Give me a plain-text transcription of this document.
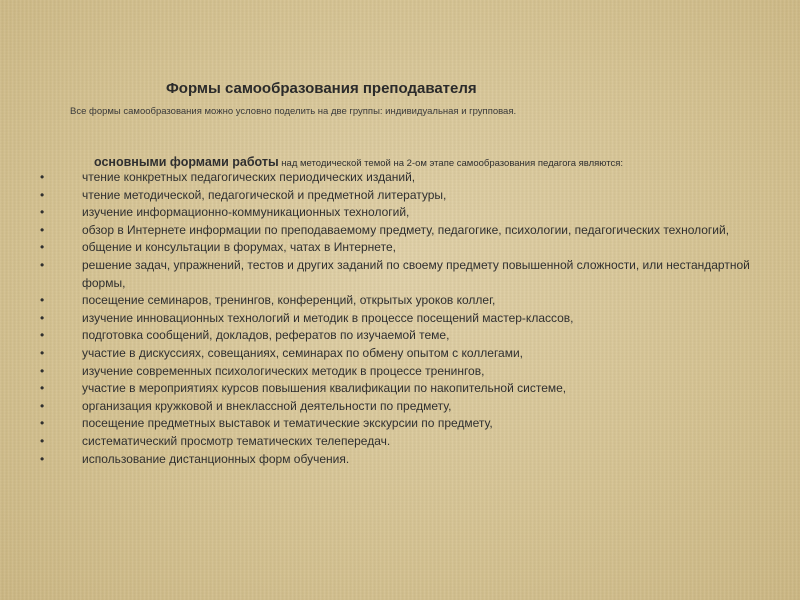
Формы самообразования преподавателя
Все формы самообразования можно условно поделить на две группы: индивидуальная и групповая.
основными формами работы над методической темой на 2-ом этапе самообразования педагога являются:
•	чтение конкретных педагогических периодических изданий,
•	чтение методической, педагогической и предметной литературы,
•	изучение информационно-коммуникационных технологий,
•	обзор в Интернете информации по преподаваемому предмету, педагогике, психологии, педагогических технологий,
•	общение и консультации в форумах, чатах в Интернете,
•	решение задач, упражнений, тестов и других заданий по своему предмету повышенной сложности, или нестандартной формы,
•	посещение семинаров, тренингов, конференций, открытых уроков коллег,
•	изучение инновационных технологий и методик в процессе посещений мастер-классов,
•	подготовка сообщений, докладов, рефератов по изучаемой теме,
•	участие в дискуссиях, совещаниях, семинарах по обмену опытом с коллегами,
•	изучение современных психологических методик в процессе тренингов,
•	участие в мероприятиях курсов повышения квалификации по накопительной системе,
•	организация кружковой и внеклассной деятельности по предмету,
•	посещение предметных выставок и тематические экскурсии по предмету,
•	систематический просмотр тематических телепередач.
•	использование дистанционных форм обучения.
